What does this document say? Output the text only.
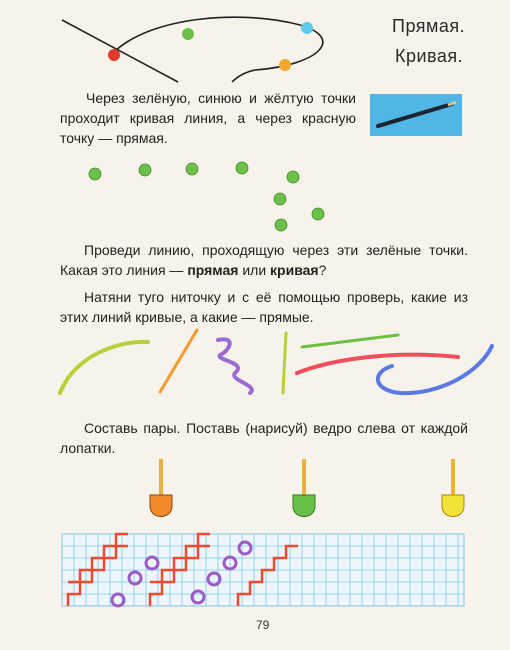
Прямая.
Кривая.
Через зелёную, синюю и жёлтую точки проходит кривая линия, а через красную точку — прямая.
Проведи линию, проходящую через эти зелёные точки. Какая это линия — прямая или кривая?
Натяни туго ниточку и с её помощью проверь, какие из этих линий кривые, а какие — прямые.
Составь пары. Поставь (нарисуй) ведро слева от каждой лопатки.
79
